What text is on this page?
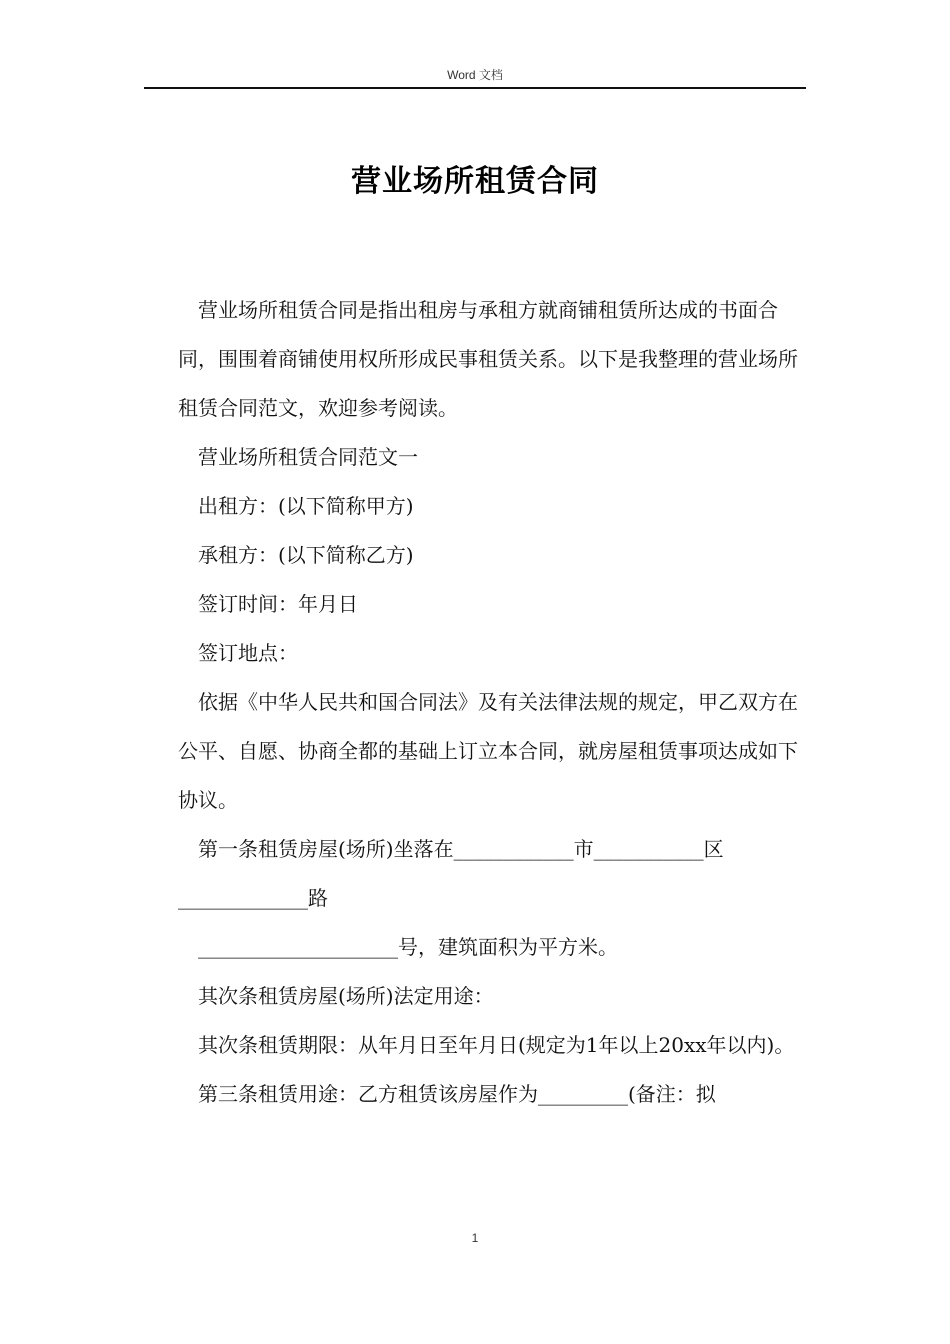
Word 文档
营业场所租赁合同

营业场所租赁合同是指出租房与承租方就商铺租赁所达成的书面合同，围围着商铺使用权所形成民事租赁关系。以下是我整理的营业场所租赁合同范文，欢迎参考阅读。

营业场所租赁合同范文一

出租方：(以下简称甲方)

承租方：(以下简称乙方)

签订时间：年月日

签订地点：

依据《中华人民共和国合同法》及有关法律法规的规定，甲乙双方在公平、自愿、协商全都的基础上订立本合同，就房屋租赁事项达成如下协议。

第一条租赁房屋(场所)坐落在____________市___________区_____________路

____________________号，建筑面积为平方米。

其次条租赁房屋(场所)法定用途：

其次条租赁期限：从年月日至年月日(规定为1年以上20xx年以内)。

第三条租赁用途：乙方租赁该房屋作为_________(备注：拟

1
